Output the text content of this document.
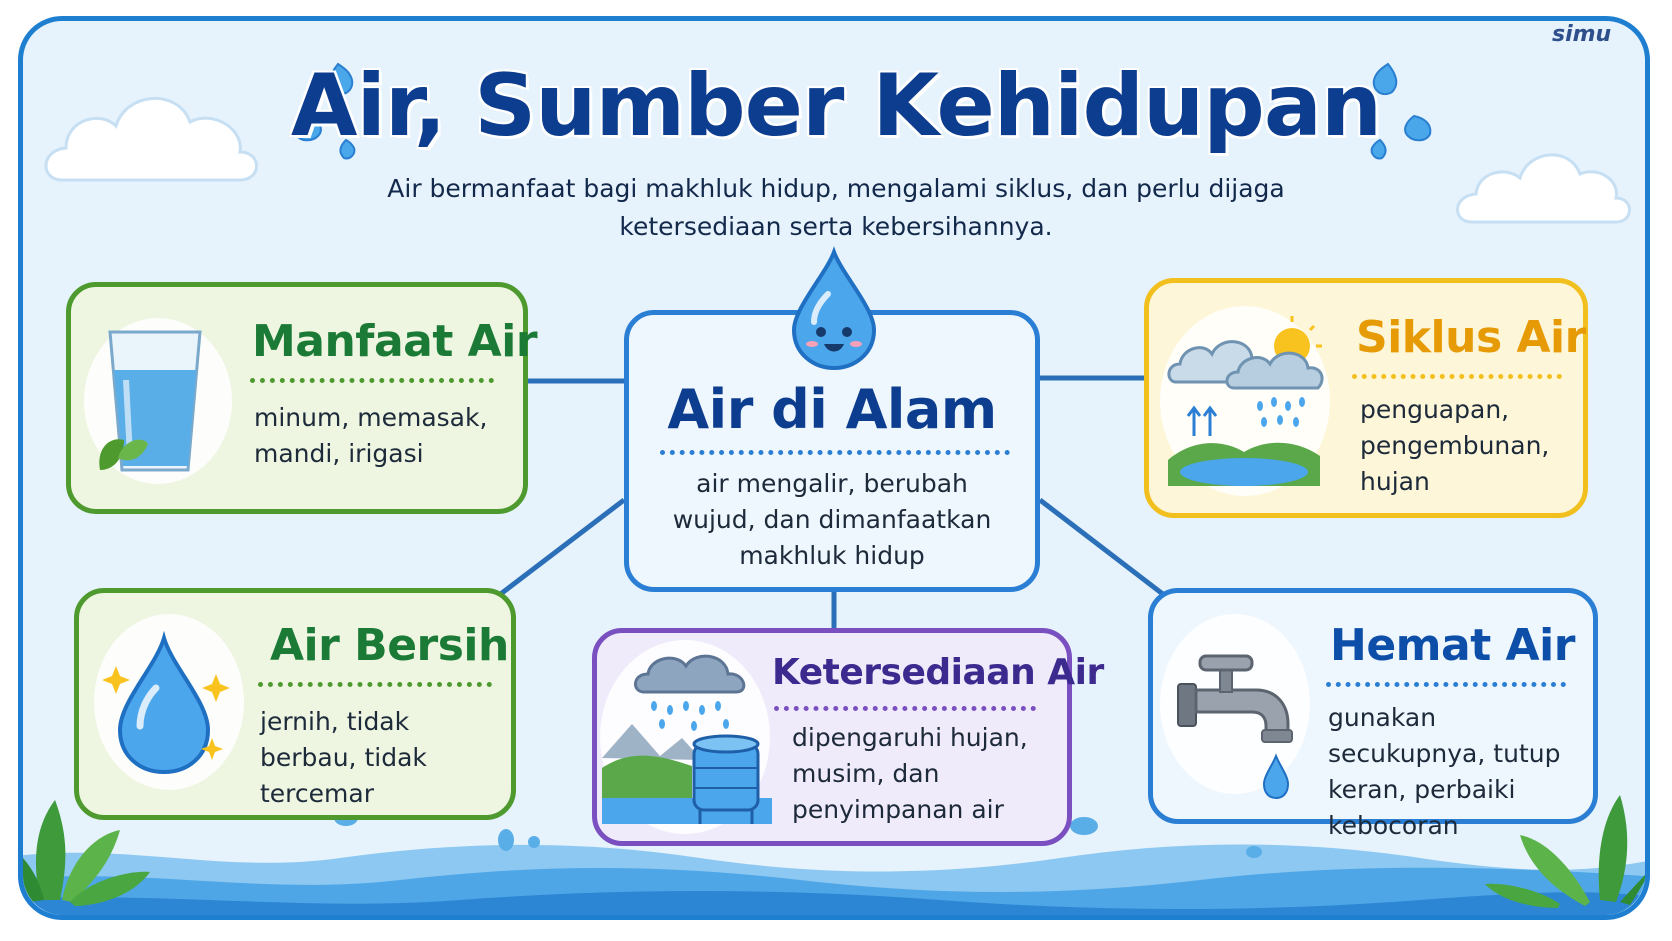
simu
Air, Sumber Kehidupan
Air bermanfaat bagi makhluk hidup, mengalami siklus, dan perlu dijaga ketersediaan serta kebersihannya.
Air di Alam
air mengalir, berubah wujud, dan dimanfaatkan makhluk hidup
Manfaat Air
minum, memasak, mandi, irigasi
Siklus Air
penguapan, pengembunan, hujan
Air Bersih
jernih, tidak berbau, tidak tercemar
Ketersediaan Air
dipengaruhi hujan, musim, dan penyimpanan air
Hemat Air
gunakan secukupnya, tutup keran, perbaiki kebocoran
